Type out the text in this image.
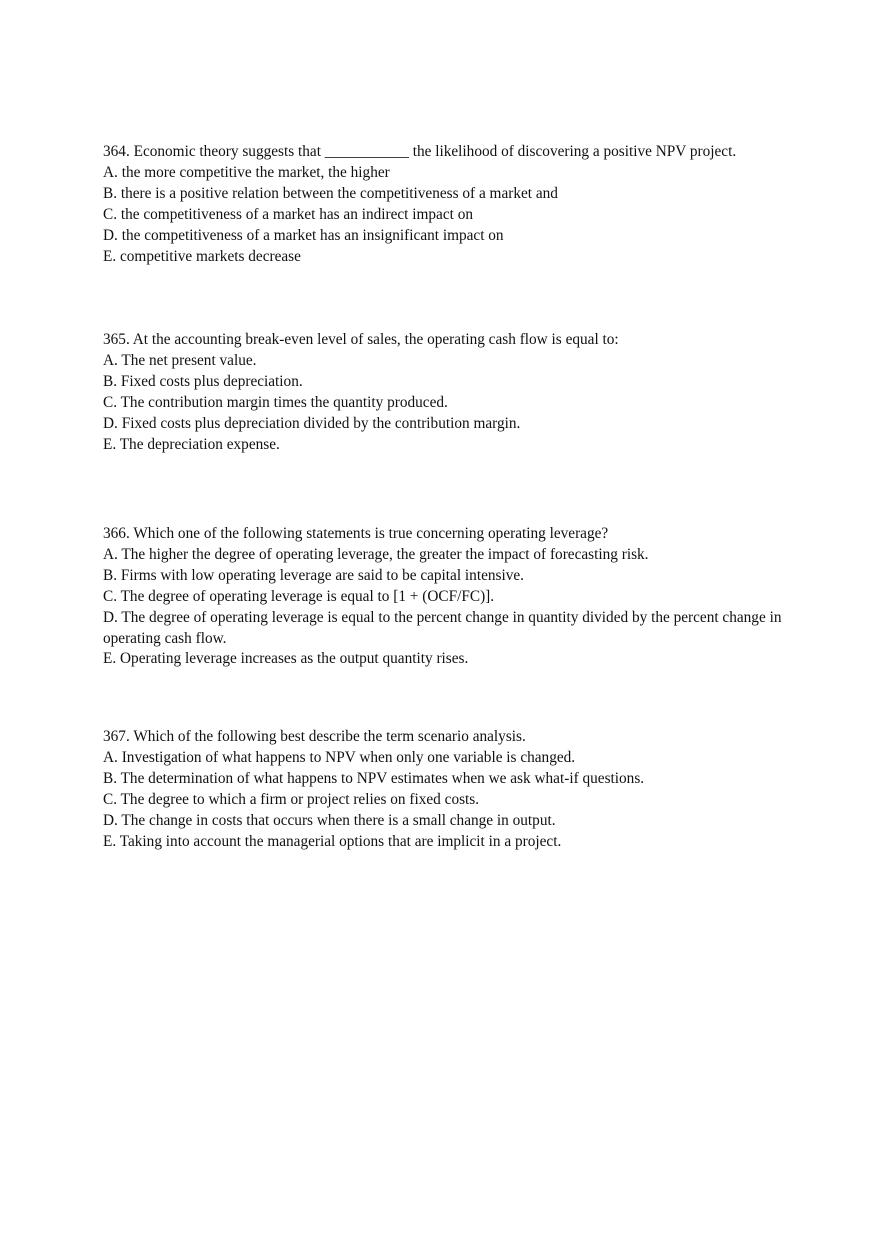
364. Economic theory suggests that ___________ the likelihood of discovering a positive NPV project.

A. the more competitive the market, the higher

B. there is a positive relation between the competitiveness of a market and

C. the competitiveness of a market has an indirect impact on

D. the competitiveness of a market has an insignificant impact on

E. competitive markets decrease

365. At the accounting break-even level of sales, the operating cash flow is equal to:

A. The net present value.

B. Fixed costs plus depreciation.

C. The contribution margin times the quantity produced.

D. Fixed costs plus depreciation divided by the contribution margin.

E. The depreciation expense.

366. Which one of the following statements is true concerning operating leverage?

A. The higher the degree of operating leverage, the greater the impact of forecasting risk.

B. Firms with low operating leverage are said to be capital intensive.

C. The degree of operating leverage is equal to [1 + (OCF/FC)].

D. The degree of operating leverage is equal to the percent change in quantity divided by the percent change in operating cash flow.

E. Operating leverage increases as the output quantity rises.

367. Which of the following best describe the term scenario analysis.

A. Investigation of what happens to NPV when only one variable is changed.

B. The determination of what happens to NPV estimates when we ask what-if questions.

C. The degree to which a firm or project relies on fixed costs.

D. The change in costs that occurs when there is a small change in output.

E. Taking into account the managerial options that are implicit in a project.
